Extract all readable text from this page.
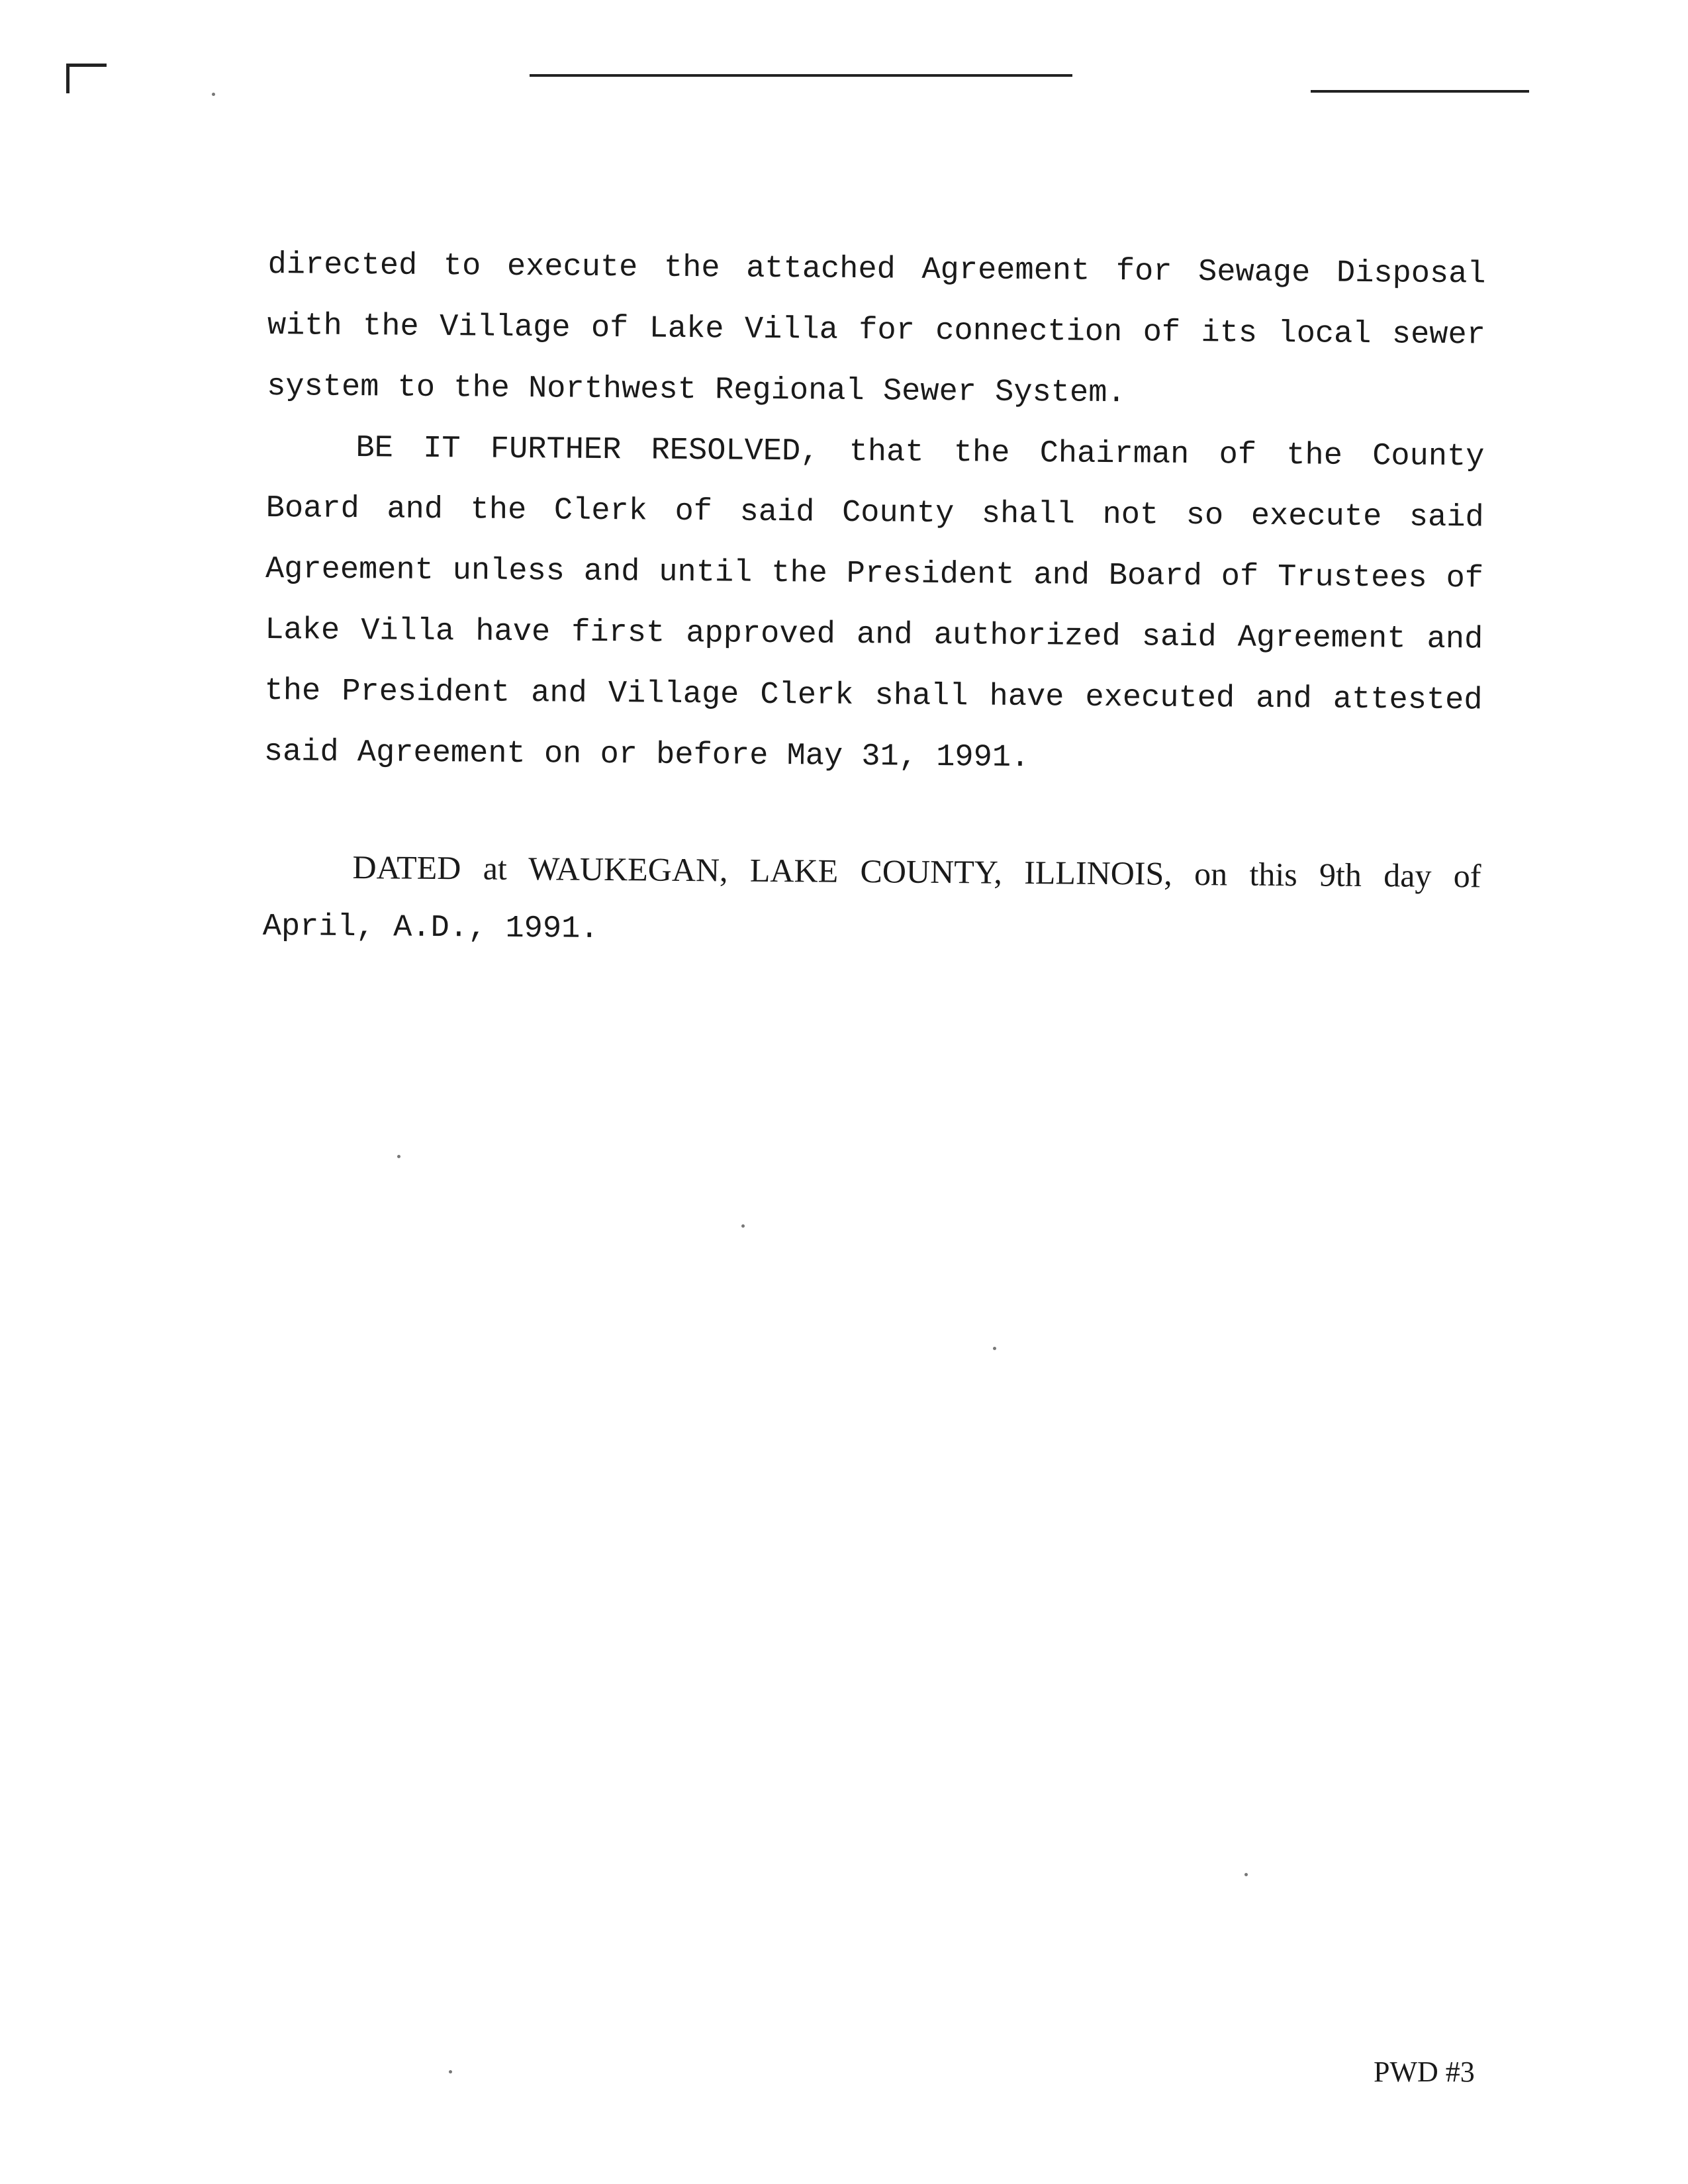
directed to execute the attached Agreement for Sewage Disposal
with the Village of Lake Villa for connection of its local sewer
system to the Northwest Regional Sewer System.
BE IT FURTHER RESOLVED, that the Chairman of the County
Board and the Clerk of said County shall not so execute said
Agreement unless and until the President and Board of Trustees of
Lake Villa have first approved and authorized said Agreement and
the President and Village Clerk shall have executed and attested
said Agreement on or before May 31, 1991.
DATED at WAUKEGAN, LAKE COUNTY, ILLINOIS, on this 9th day of
April, A.D., 1991.
PWD #3
